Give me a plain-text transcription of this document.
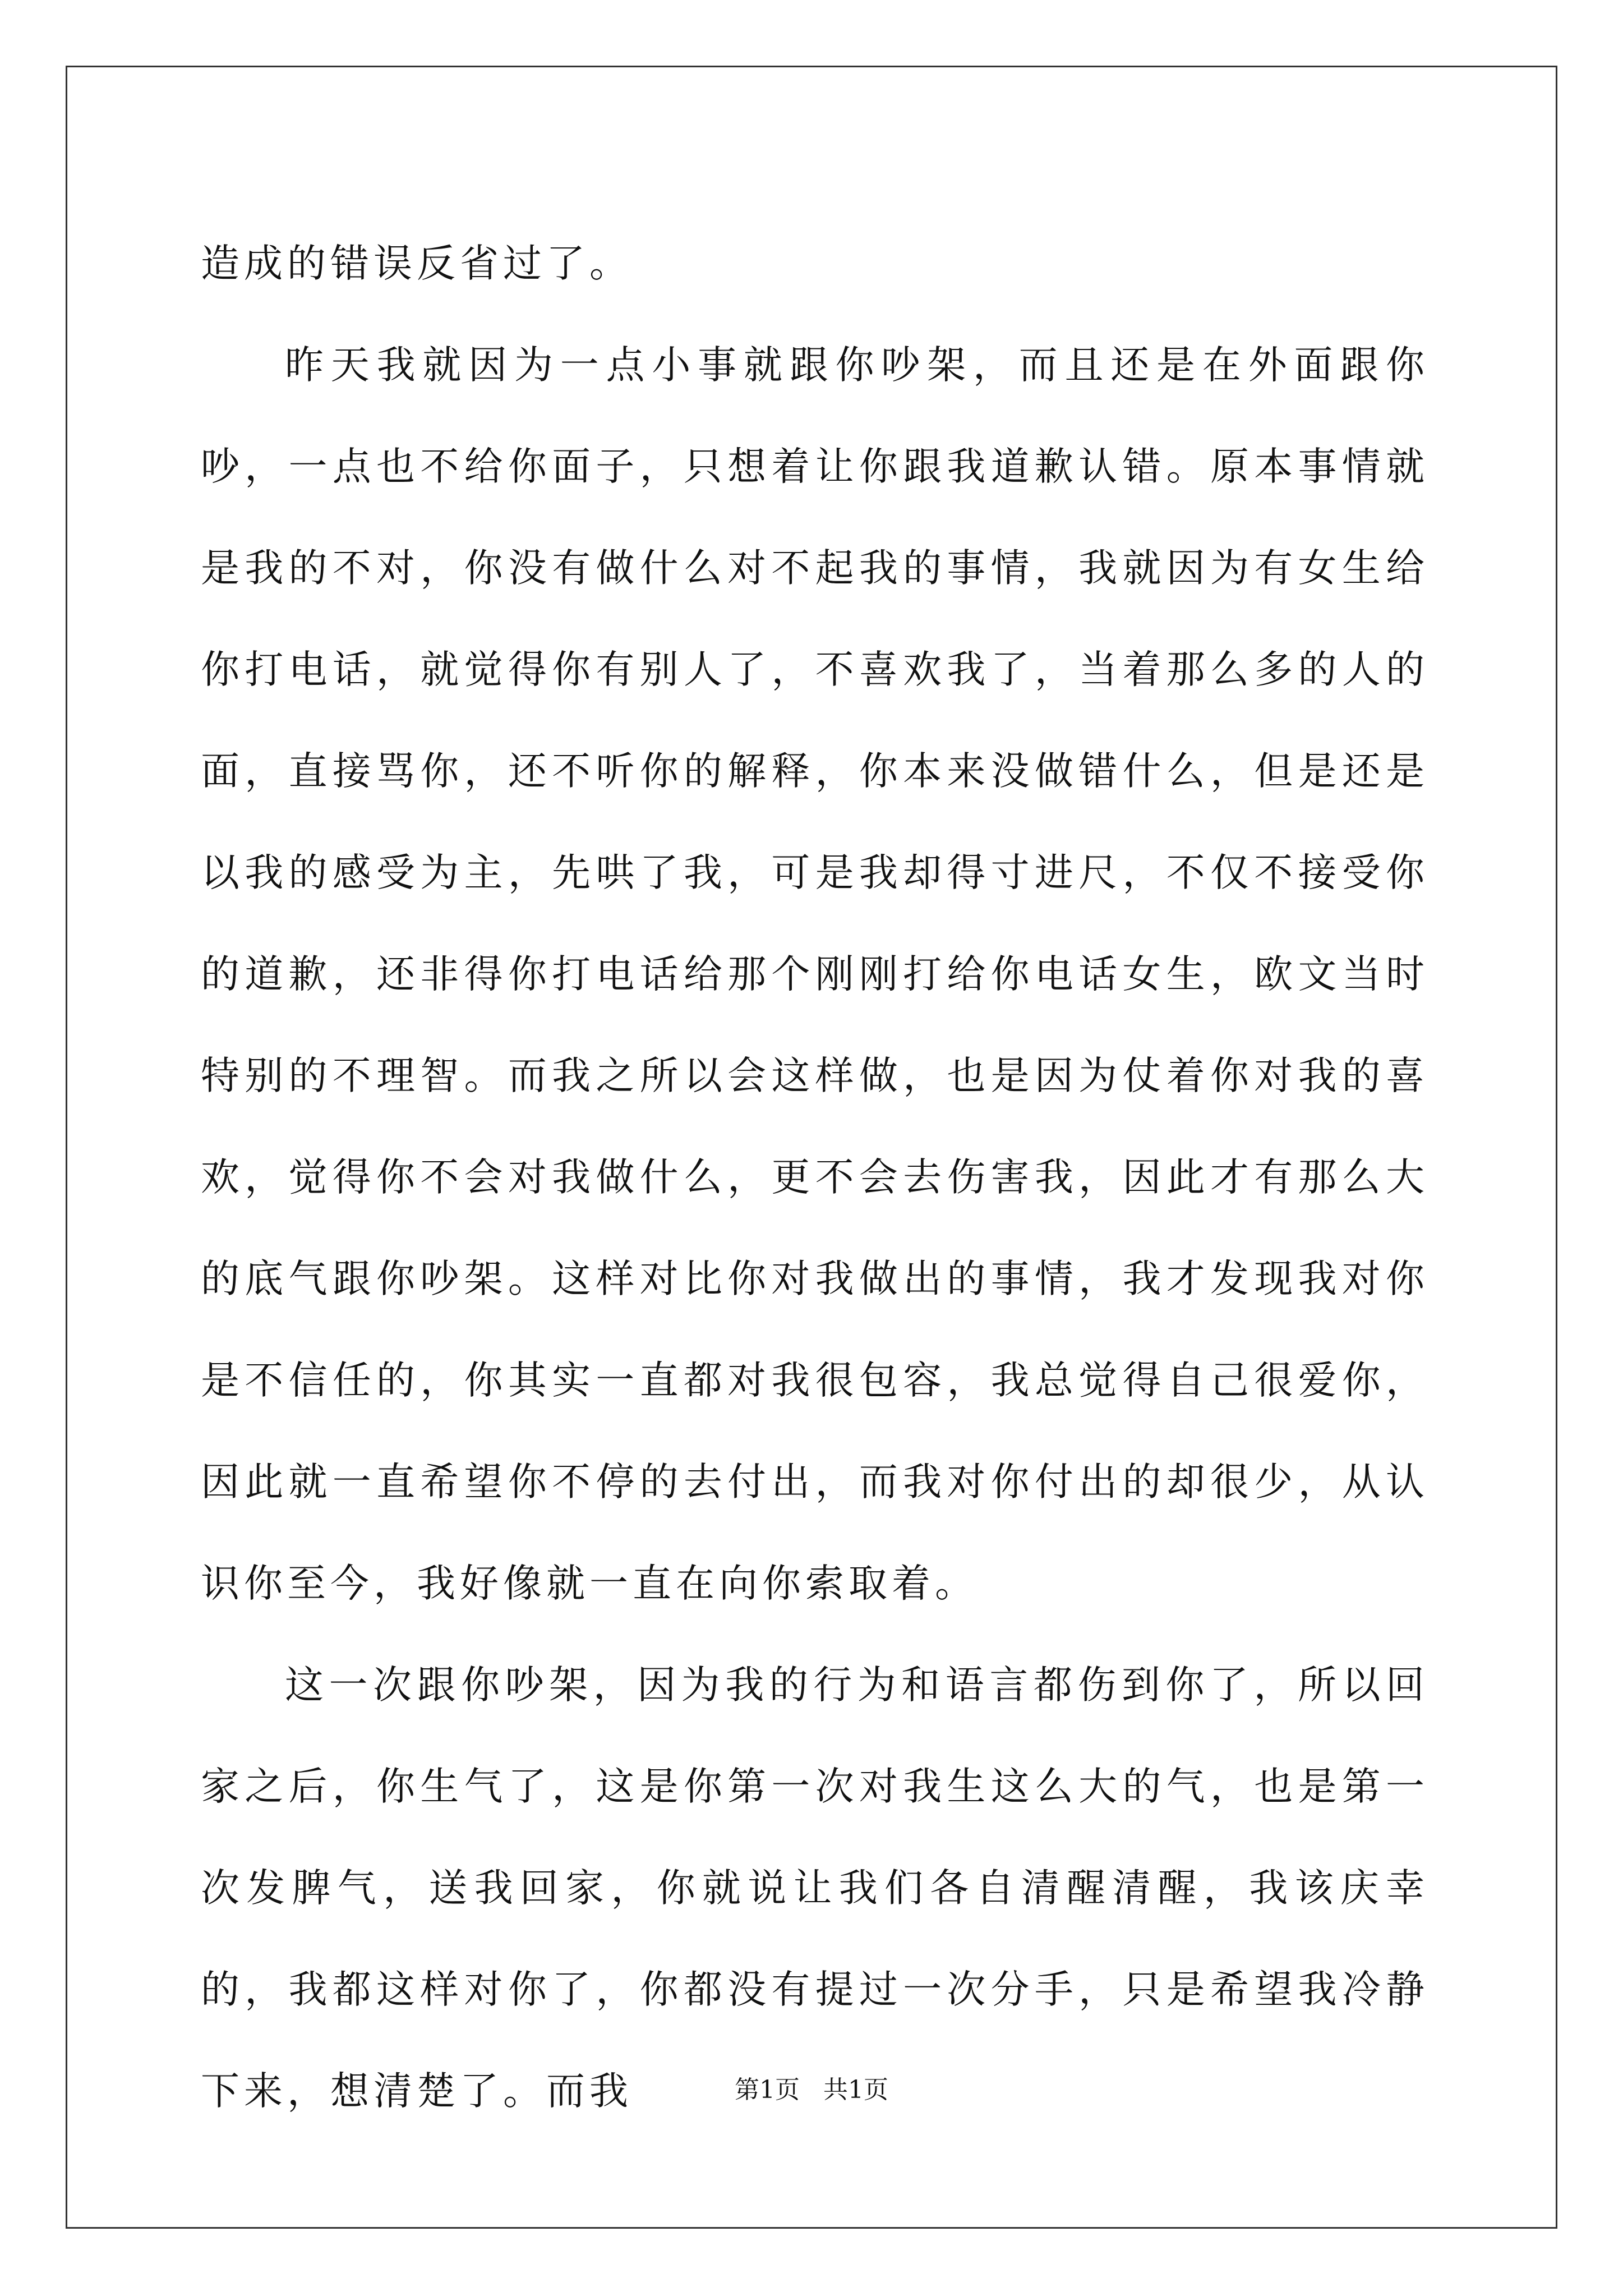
造成的错误反省过了。

昨天我就因为一点小事就跟你吵架，而且还是在外面跟你吵，一点也不给你面子，只想着让你跟我道歉认错。原本事情就是我的不对，你没有做什么对不起我的事情，我就因为有女生给你打电话，就觉得你有别人了，不喜欢我了，当着那么多的人的面，直接骂你，还不听你的解释，你本来没做错什么，但是还是以我的感受为主，先哄了我，可是我却得寸进尺，不仅不接受你的道歉，还非得你打电话给那个刚刚打给你电话女生，欧文当时特别的不理智。而我之所以会这样做，也是因为仗着你对我的喜欢，觉得你不会对我做什么，更不会去伤害我，因此才有那么大的底气跟你吵架。这样对比你对我做出的事情，我才发现我对你是不信任的，你其实一直都对我很包容，我总觉得自己很爱你，因此就一直希望你不停的去付出，而我对你付出的却很少，从认识你至今，我好像就一直在向你索取着。

这一次跟你吵架，因为我的行为和语言都伤到你了，所以回家之后，你生气了，这是你第一次对我生这么大的气，也是第一次发脾气，送我回家，你就说让我们各自清醒清醒，我该庆幸的，我都这样对你了，你都没有提过一次分手，只是希望我冷静下来，想清楚了。而我	第1页 共1页
